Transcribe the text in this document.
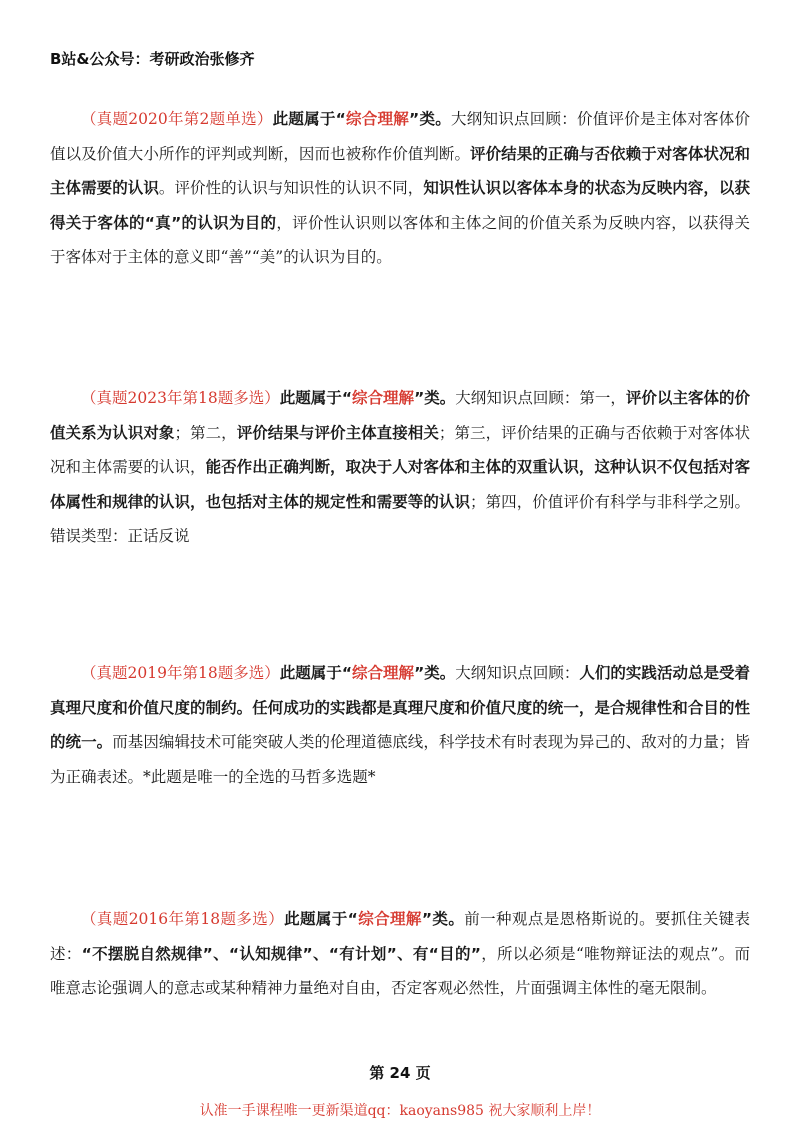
B站&公众号：考研政治张修齐
（真题2020年第2题单选）此题属于“综合理解”类。大纲知识点回顾：价值评价是主体对客体价值以及价值大小所作的评判或判断，因而也被称作价值判断。评价结果的正确与否依赖于对客体状况和主体需要的认识。评价性的认识与知识性的认识不同，知识性认识以客体本身的状态为反映内容，以获得关于客体的“真”的认识为目的，评价性认识则以客体和主体之间的价值关系为反映内容，以获得关于客体对于主体的意义即“善”“美”的认识为目的。
（真题2023年第18题多选）此题属于“综合理解”类。大纲知识点回顾：第一，评价以主客体的价值关系为认识对象；第二，评价结果与评价主体直接相关；第三，评价结果的正确与否依赖于对客体状况和主体需要的认识，能否作出正确判断，取决于人对客体和主体的双重认识，这种认识不仅包括对客体属性和规律的认识，也包括对主体的规定性和需要等的认识；第四，价值评价有科学与非科学之别。错误类型：正话反说
（真题2019年第18题多选）此题属于“综合理解”类。大纲知识点回顾：人们的实践活动总是受着真理尺度和价值尺度的制约。任何成功的实践都是真理尺度和价值尺度的统一，是合规律性和合目的性的统一。而基因编辑技术可能突破人类的伦理道德底线，科学技术有时表现为异己的、敌对的力量；皆为正确表述。*此题是唯一的全选的马哲多选题*
（真题2016年第18题多选）此题属于“综合理解”类。前一种观点是恩格斯说的。要抓住关键表述：“不摆脱自然规律”、“认知规律”、“有计划”、有“目的”，所以必须是“唯物辩证法的观点”。而唯意志论强调人的意志或某种精神力量绝对自由，否定客观必然性，片面强调主体性的毫无限制。
第 24 页
认准一手课程唯一更新渠道qq：kaoyans985 祝大家顺利上岸！
